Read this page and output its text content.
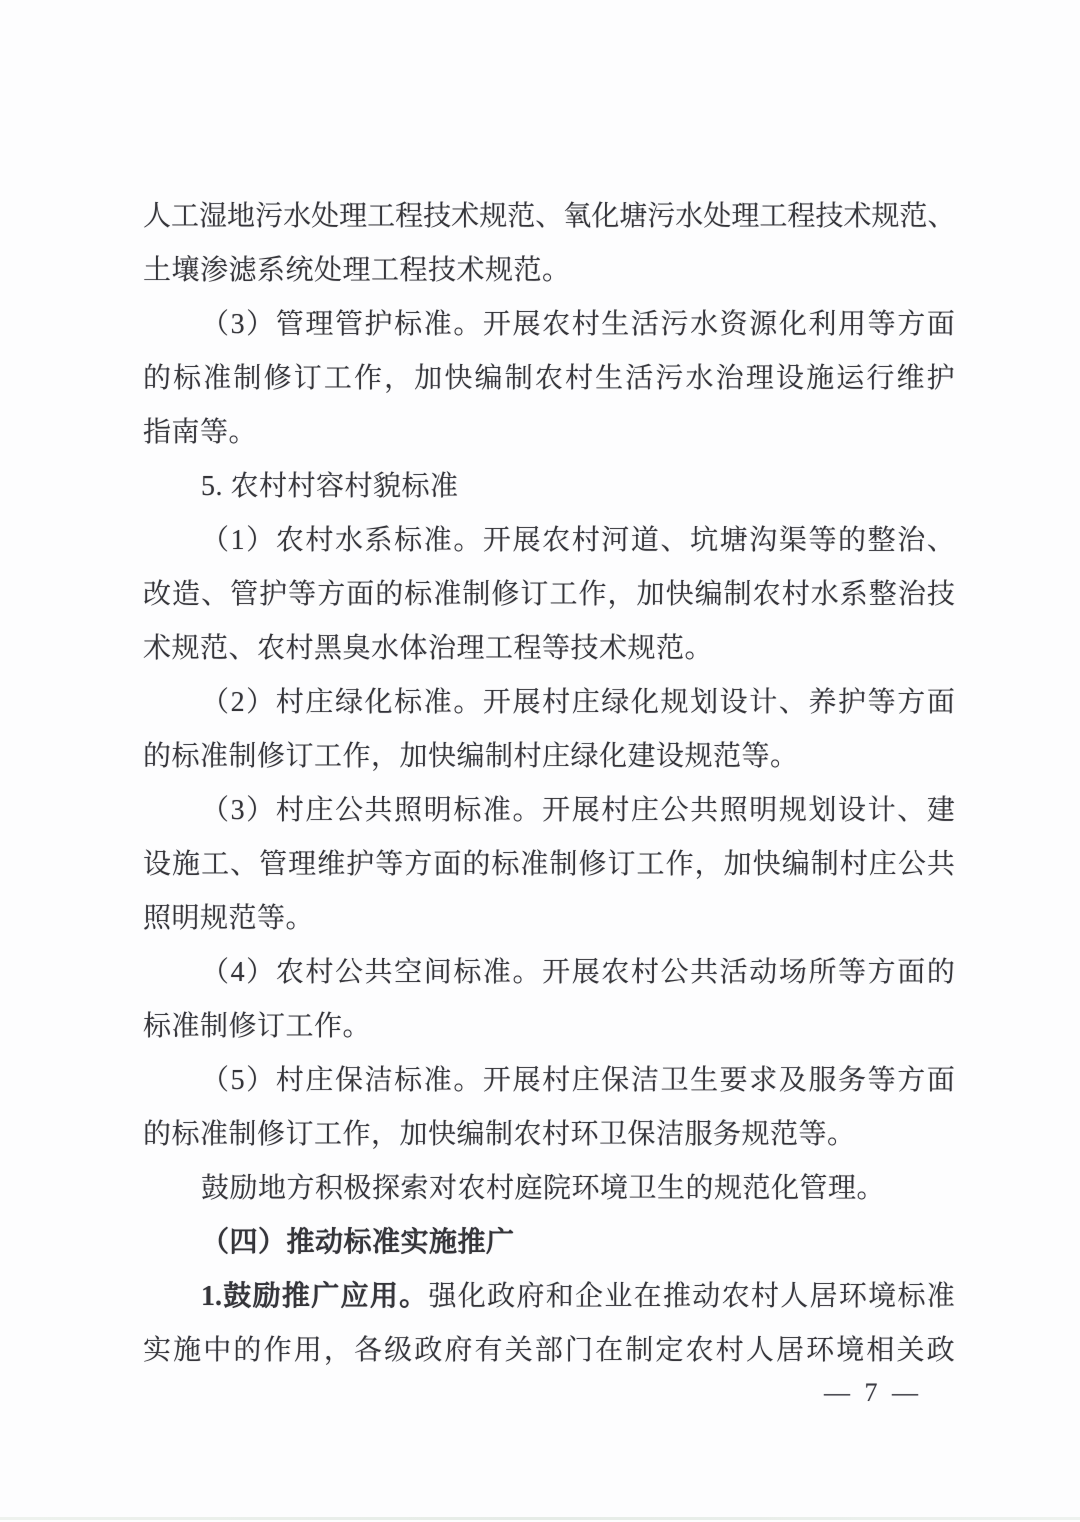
人 工 湿 地 污 水 处 理 工 程 技 术 规 范 、 氧 化 塘 污 水 处 理 工 程 技 术 规 范 、
土壤渗滤系统处理工程技术规范。
（ 3 ） 管 理 管 护 标 准 。 开 展 农 村 生 活 污 水 资 源 化 利 用 等 方 面
的 标 准 制 修 订 工 作 ， 加 快 编 制 农 村 生 活 污 水 治 理 设 施 运 行 维 护
指南等。
5. 农村村容村貌标准
（ 1 ） 农 村 水 系 标 准 。 开 展 农 村 河 道 、 坑 塘 沟 渠 等 的 整 治 、
改 造 、 管 护 等 方 面 的 标 准 制 修 订 工 作 ， 加 快 编 制 农 村 水 系 整 治 技
术规范、农村黑臭水体治理工程等技术规范。
（ 2 ） 村 庄 绿 化 标 准 。 开 展 村 庄 绿 化 规 划 设 计 、 养 护 等 方 面
的标准制修订工作，加快编制村庄绿化建设规范等。
（ 3 ） 村 庄 公 共 照 明 标 准 。 开 展 村 庄 公 共 照 明 规 划 设 计 、 建
设 施 工 、 管 理 维 护 等 方 面 的 标 准 制 修 订 工 作 ， 加 快 编 制 村 庄 公 共
照明规范等。
（ 4 ） 农 村 公 共 空 间 标 准 。 开 展 农 村 公 共 活 动 场 所 等 方 面 的
标准制修订工作。
（ 5 ） 村 庄 保 洁 标 准 。 开 展 村 庄 保 洁 卫 生 要 求 及 服 务 等 方 面
的标准制修订工作，加快编制农村环卫保洁服务规范等。
鼓励地方积极探索对农村庭院环境卫生的规范化管理。
（四）推动标准实施推广
1. 鼓 励 推 广 应 用 。 强 化 政 府 和 企 业 在 推 动 农 村 人 居 环 境 标 准
实 施 中 的 作 用 ， 各 级 政 府 有 关 部 门 在 制 定 农 村 人 居 环 境 相 关 政
— 7 —
